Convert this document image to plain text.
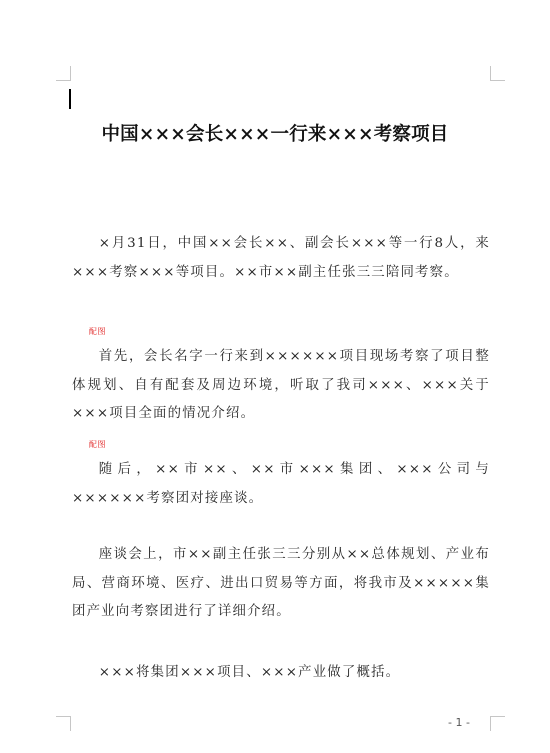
中国×××会长×××一行来×××考察项目
×月31日，中国××会长××、副会长×××等一行8人，来×××考察×××等项目。××市××副主任张三三陪同考察。
配图
首先，会长名字一行来到××××××项目现场考察了项目整体规划、自有配套及周边环境，听取了我司×××、×××关于×××项目全面的情况介绍。
配图
随后，××市××、××市×××集团、×××公司与××××××考察团对接座谈。
座谈会上，市××副主任张三三分别从××总体规划、产业布局、营商环境、医疗、进出口贸易等方面，将我市及×××××集团产业向考察团进行了详细介绍。
×××将集团×××项目、×××产业做了概括。
- 1 -
